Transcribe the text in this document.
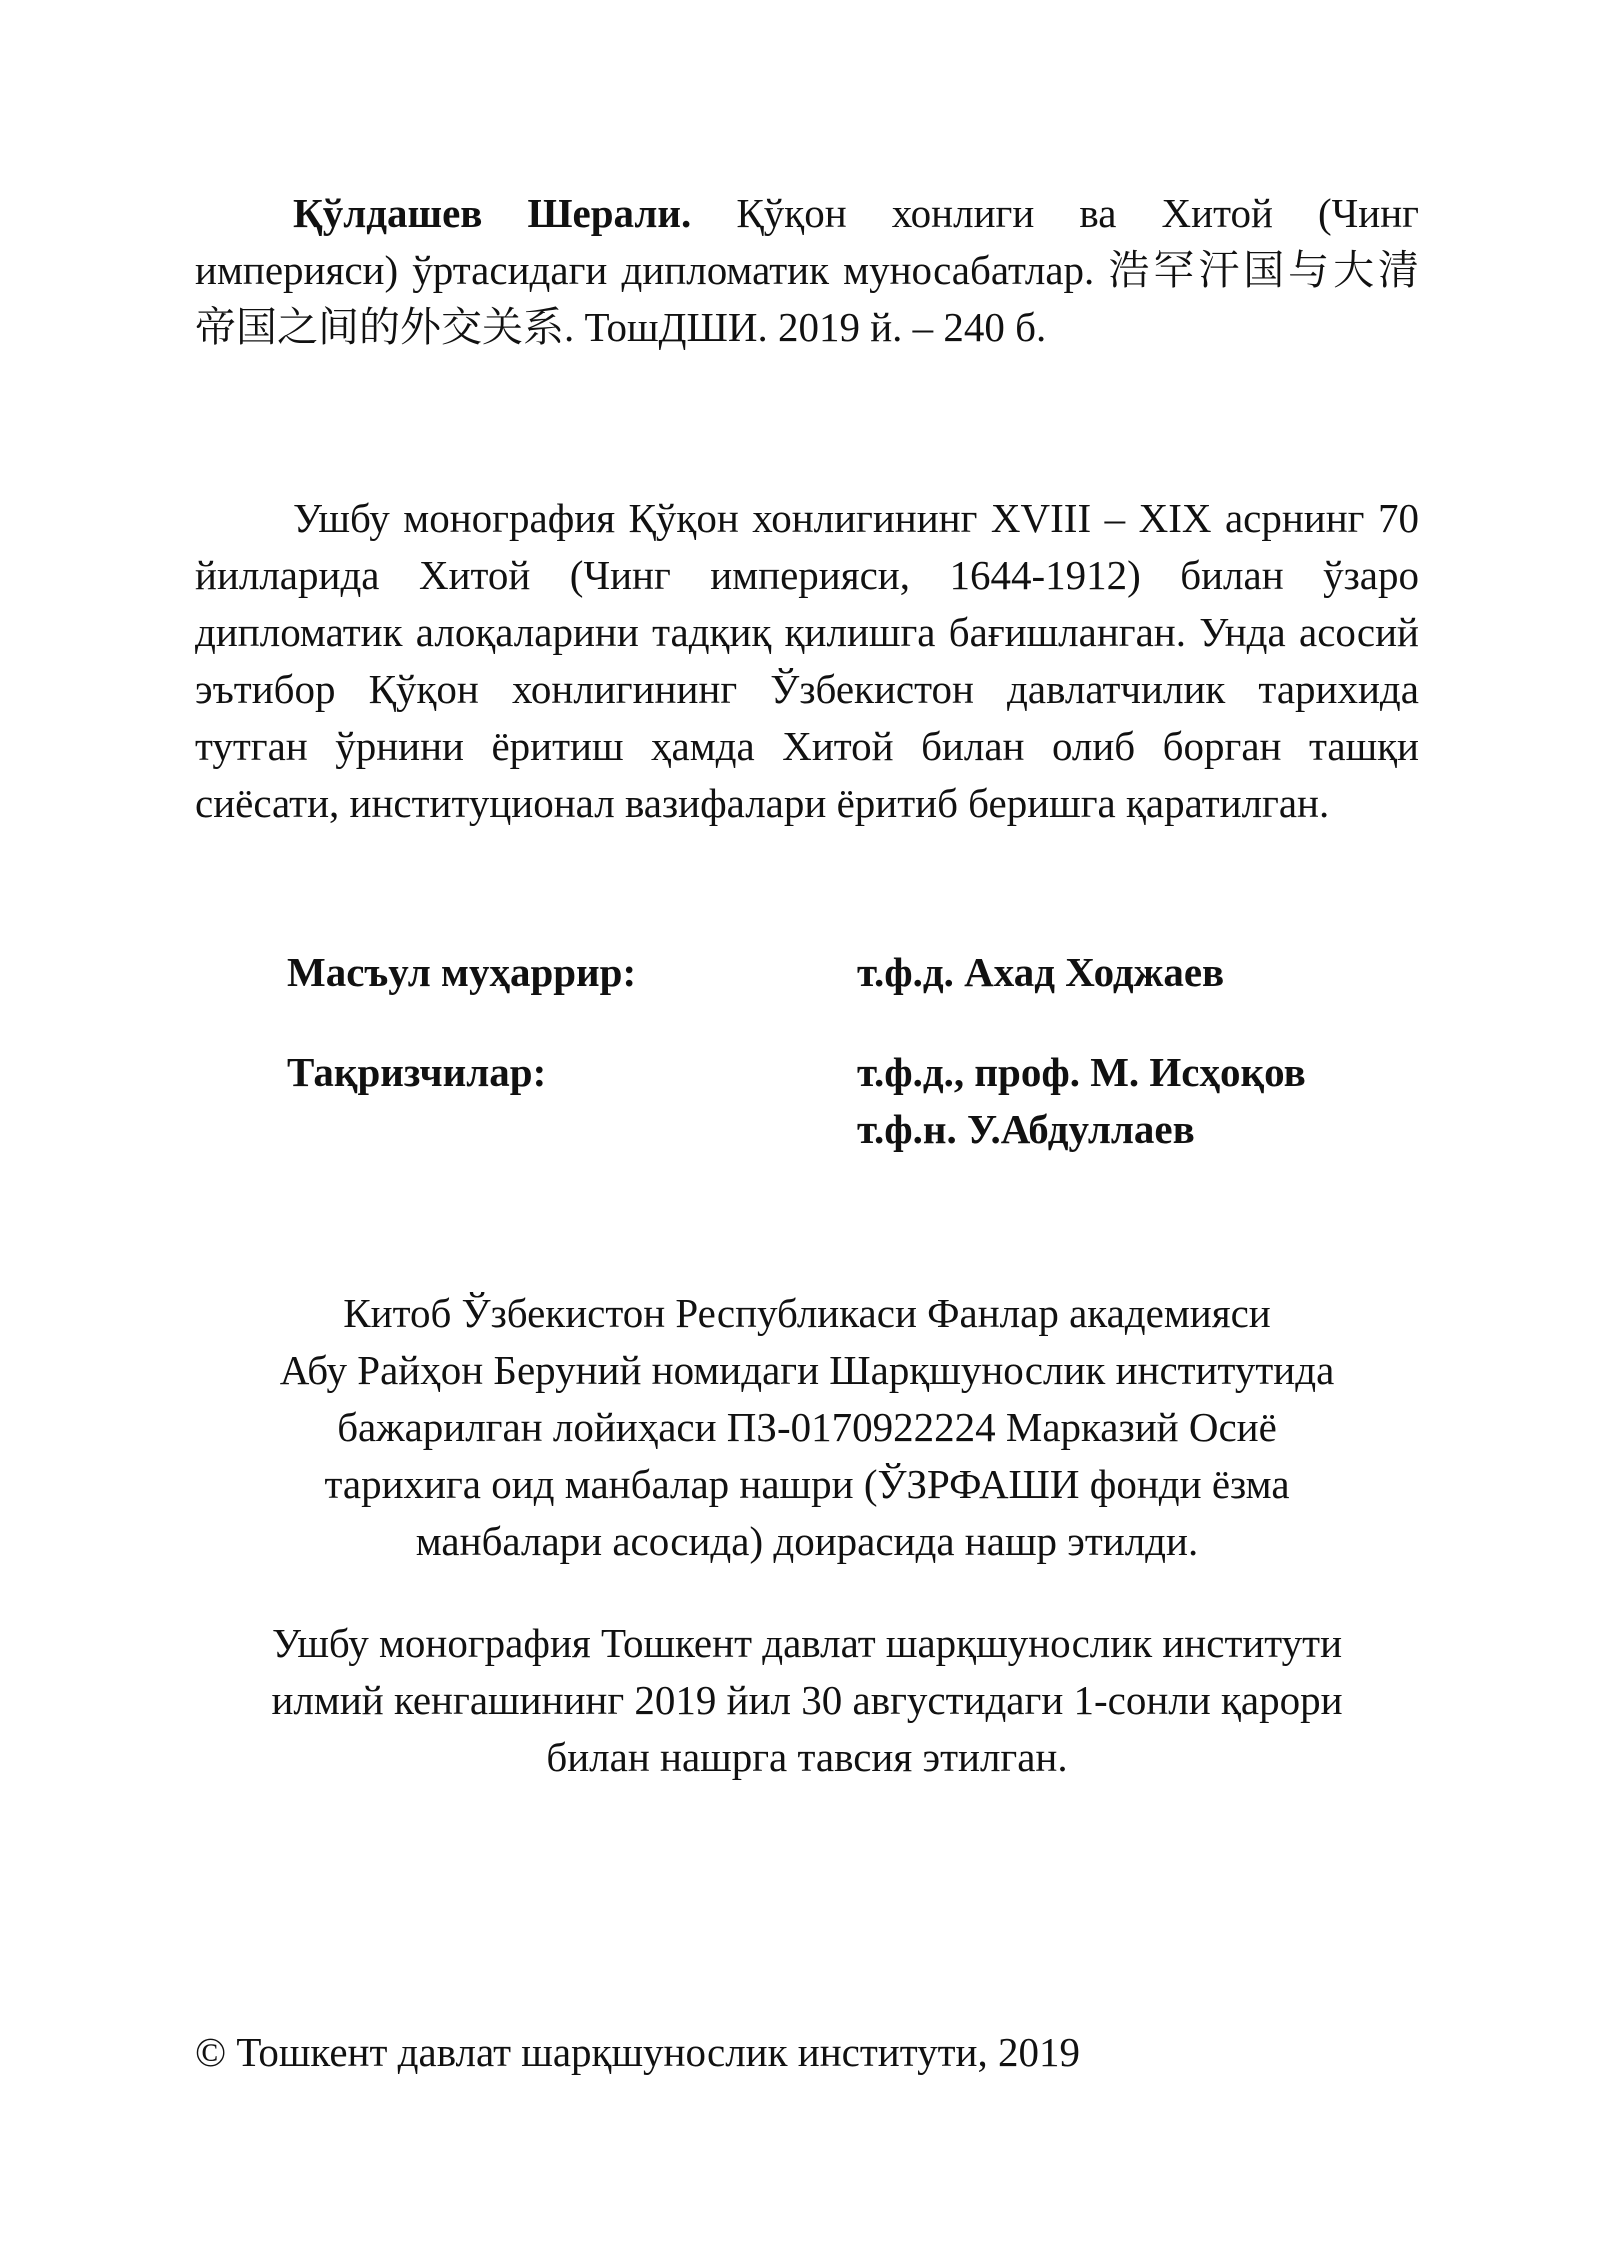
Қўлдашев Шерали. Қўқон хонлиги ва Хитой (Чинг империяси) ўртасидаги дипломатик муносабатлар. 浩罕汗国与大清帝国之间的外交关系. ТошДШИ. 2019 й. – 240 б.

Ушбу монография Қўқон хонлигининг XVIII – XIX асрнинг 70 йилларида Хитой (Чинг империяси, 1644-1912) билан ўзаро дипломатик алоқаларини тадқиқ қилишга бағишланган. Унда асосий эътибор Қўқон хонлигининг Ўзбекистон давлатчилик тарихида тутган ўрнини ёритиш ҳамда Хитой билан олиб борган ташқи сиёсати, институционал вазифалари ёритиб беришга қаратилган.

Масъул муҳаррир:	т.ф.д. Ахад Ходжаев
Тақризчилар:	т.ф.д., проф. М. Исҳоқов
т.ф.н. У.Абдуллаев
Китоб Ўзбекистон Республикаси Фанлар академияси
Абу Райҳон Беруний номидаги Шарқшунослик институтида
бажарилган лойиҳаси ПЗ-0170922224 Марказий Осиё
тарихига оид манбалар нашри (ЎЗРФАШИ фонди ёзма
манбалари асосида) доирасида нашр этилди.
Ушбу монография Тошкент давлат шарқшунослик институти
илмий кенгашининг 2019 йил 30 августидаги 1-сонли қарори
билан нашрга тавсия этилган.
© Тошкент давлат шарқшунослик институти, 2019
